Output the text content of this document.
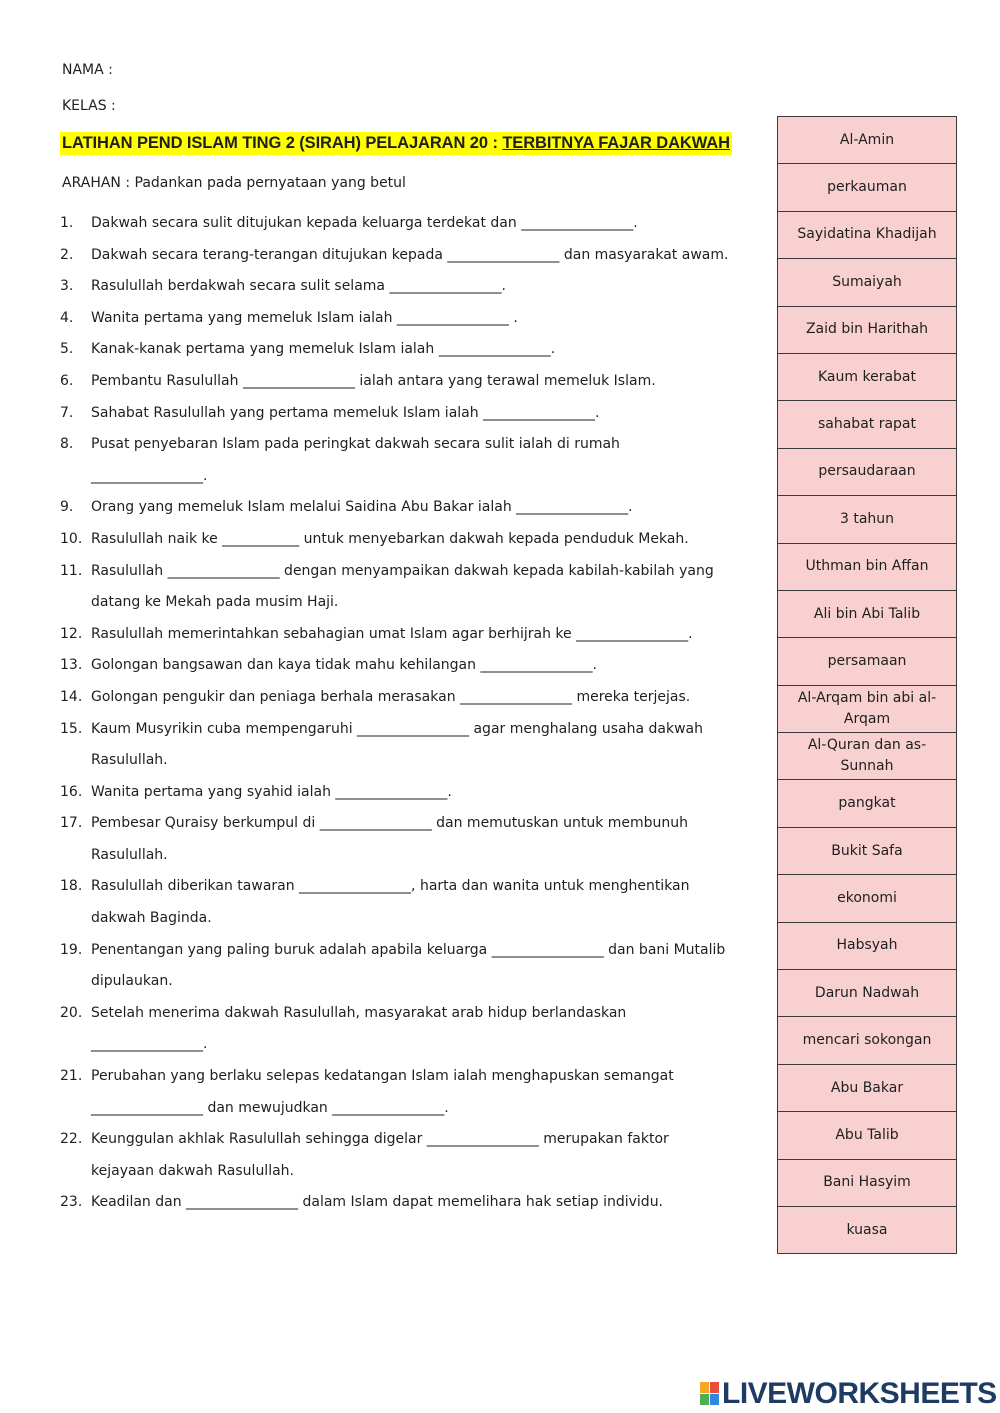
NAMA :
KELAS :
LATIHAN PEND ISLAM TING 2 (SIRAH) PELAJARAN 20 : TERBITNYA FAJAR DAKWAH
ARAHAN : Padankan pada pernyataan yang betul
1.	Dakwah secara sulit ditujukan kepada keluarga terdekat dan ________________.
2.	Dakwah secara terang-terangan ditujukan kepada ________________ dan masyarakat awam.
3.	Rasulullah berdakwah secara sulit selama ________________.
4.	Wanita pertama yang memeluk Islam ialah ________________ .
5.	Kanak-kanak pertama yang memeluk Islam ialah ________________.
6.	Pembantu Rasulullah ________________ ialah antara yang terawal memeluk Islam.
7.	Sahabat Rasulullah yang pertama memeluk Islam ialah ________________.
8.	Pusat penyebaran Islam pada peringkat dakwah secara sulit ialah di rumah
________________.
9.	Orang yang memeluk Islam melalui Saidina Abu Bakar ialah ________________.
10. Rasulullah naik ke ___________ untuk menyebarkan dakwah kepada penduduk Mekah.
11. Rasulullah ________________ dengan menyampaikan dakwah kepada kabilah-kabilah yang
datang ke Mekah pada musim Haji.
12. Rasulullah memerintahkan sebahagian umat Islam agar berhijrah ke ________________.
13. Golongan bangsawan dan kaya tidak mahu kehilangan ________________.
14. Golongan pengukir dan peniaga berhala merasakan ________________ mereka terjejas.
15. Kaum Musyrikin cuba mempengaruhi ________________ agar menghalang usaha dakwah
Rasulullah.
16. Wanita pertama yang syahid ialah ________________.
17. Pembesar Quraisy berkumpul di ________________ dan memutuskan untuk membunuh
Rasulullah.
18. Rasulullah diberikan tawaran ________________, harta dan wanita untuk menghentikan
dakwah Baginda.
19. Penentangan yang paling buruk adalah apabila keluarga ________________ dan bani Mutalib
dipulaukan.
20. Setelah menerima dakwah Rasulullah, masyarakat arab hidup berlandaskan
________________.
21. Perubahan yang berlaku selepas kedatangan Islam ialah menghapuskan semangat
________________ dan mewujudkan ________________.
22. Keunggulan akhlak Rasulullah sehingga digelar ________________ merupakan faktor
kejayaan dakwah Rasulullah.
23. Keadilan dan ________________ dalam Islam dapat memelihara hak setiap individu.
Al-Amin
perkauman
Sayidatina Khadijah
Sumaiyah
Zaid bin Harithah
Kaum kerabat
sahabat rapat
persaudaraan
3 tahun
Uthman bin Affan
Ali bin Abi Talib
persamaan
Al-Arqam bin abi al-Arqam
Al-Quran dan as-Sunnah
pangkat
Bukit Safa
ekonomi
Habsyah
Darun Nadwah
mencari sokongan
Abu Bakar
Abu Talib
Bani Hasyim
kuasa
LIVEWORKSHEETS
